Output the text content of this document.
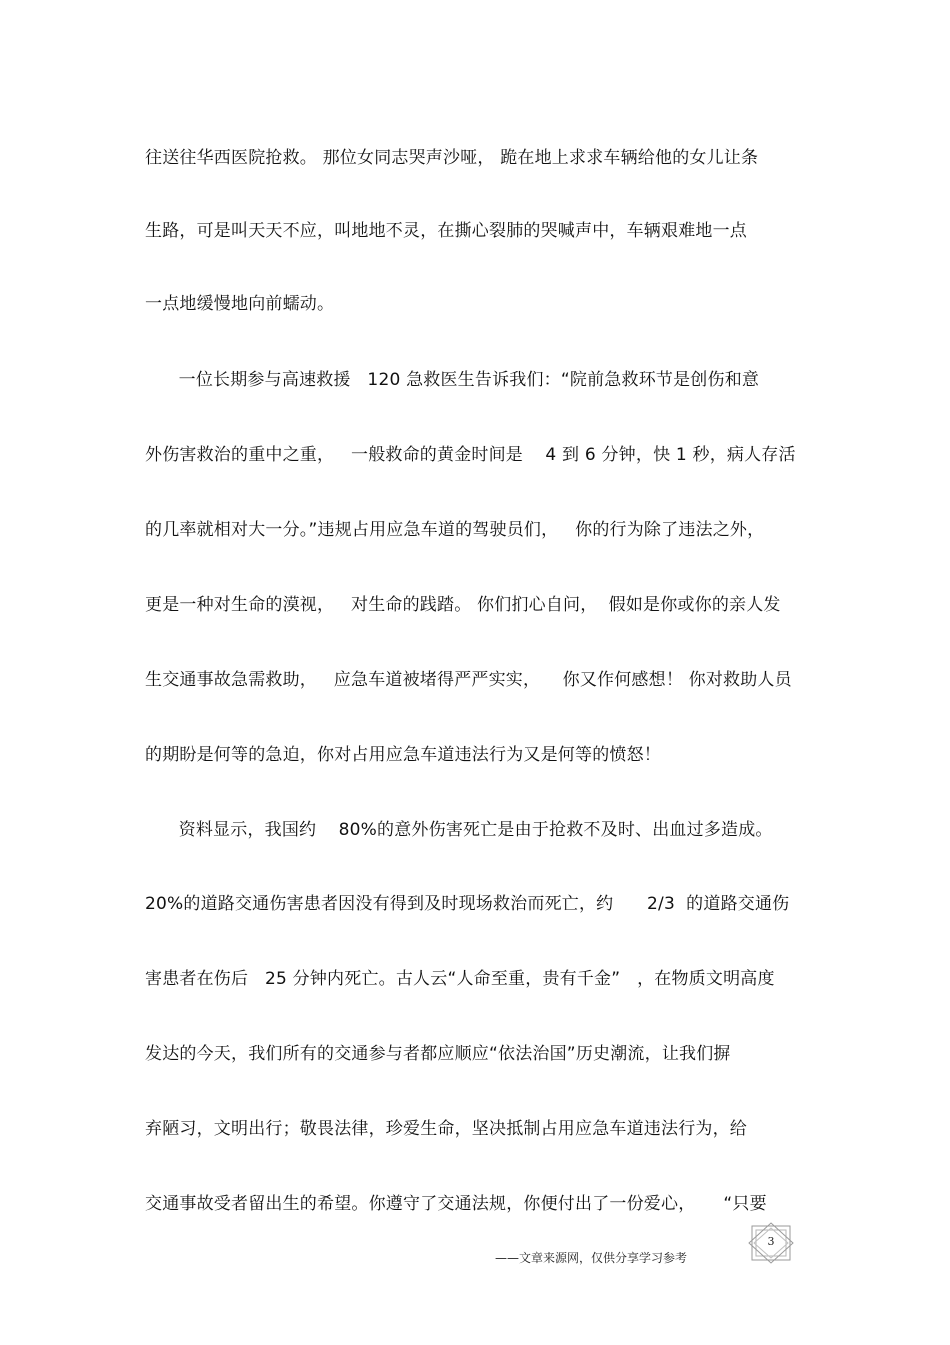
往送往华西医院抢救。 那位女同志哭声沙哑， 跪在地上求求车辆给他的女儿让条
生路，可是叫天天不应，叫地地不灵，在撕心裂肺的哭喊声中，车辆艰难地一点
一点地缓慢地向前蠕动。
一位长期参与高速救援   120 急救医生告诉我们：“院前急救环节是创伤和意
外伤害救治的重中之重，   一般救命的黄金时间是    4 到 6 分钟，快 1 秒，病人存活
的几率就相对大一分。”违规占用应急车道的驾驶员们，   你的行为除了违法之外，
更是一种对生命的漠视，   对生命的践踏。 你们扪心自问，  假如是你或你的亲人发
生交通事故急需救助，   应急车道被堵得严严实实，    你又作何感想！ 你对救助人员
的期盼是何等的急迫，你对占用应急车道违法行为又是何等的愤怒！
资料显示，我国约    80%的意外伤害死亡是由于抢救不及时、出血过多造成。
20%的道路交通伤害患者因没有得到及时现场救治而死亡，约      2/3  的道路交通伤
害患者在伤后   25 分钟内死亡。古人云“人命至重，贵有千金”   ，在物质文明高度
发达的今天，我们所有的交通参与者都应顺应“依法治国”历史潮流，让我们摒
弃陋习，文明出行；敬畏法律，珍爱生命，坚决抵制占用应急车道违法行为，给
交通事故受者留出生的希望。你遵守了交通法规，你便付出了一份爱心，     “只要
3
——文章来源网，仅供分享学习参考
